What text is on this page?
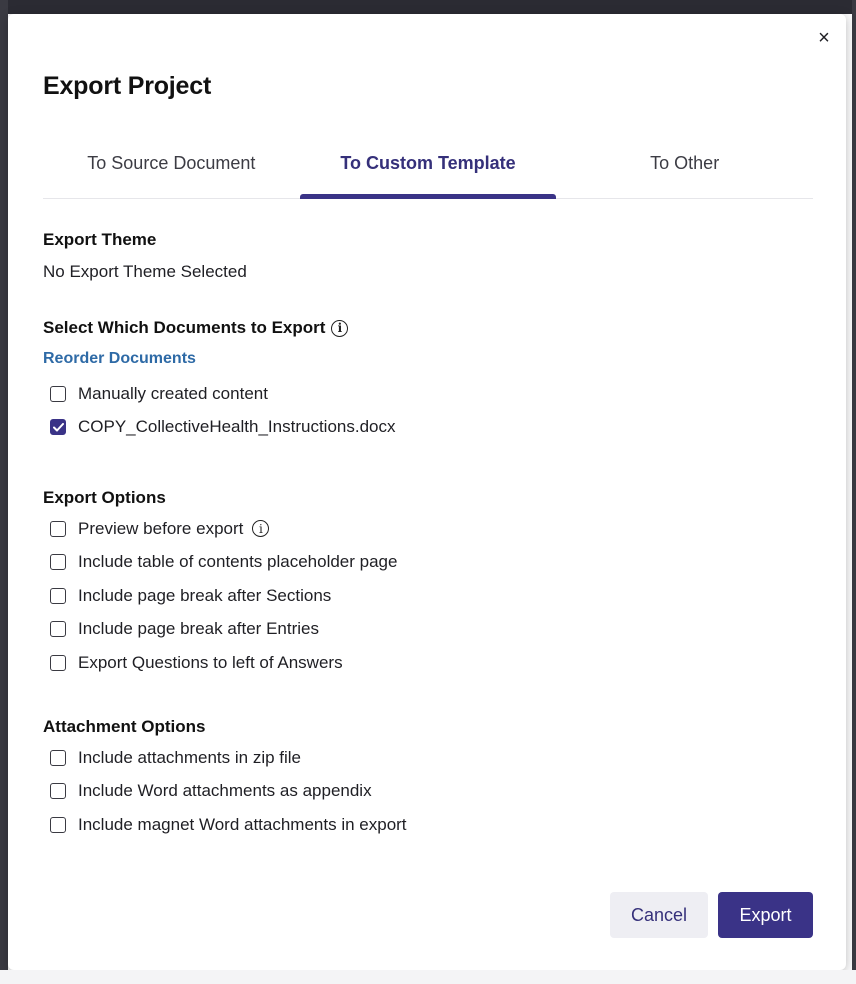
×
Export Project
To Source Document	To Custom Template	To Other
Export Theme
No Export Theme Selected
Select Which Documents to Export	i
Reorder Documents
Manually created content
COPY_CollectiveHealth_Instructions.docx
Export Options
Preview before export	i
Include table of contents placeholder page
Include page break after Sections
Include page break after Entries
Export Questions to left of Answers
Attachment Options
Include attachments in zip file
Include Word attachments as appendix
Include magnet Word attachments in export
Cancel	Export
